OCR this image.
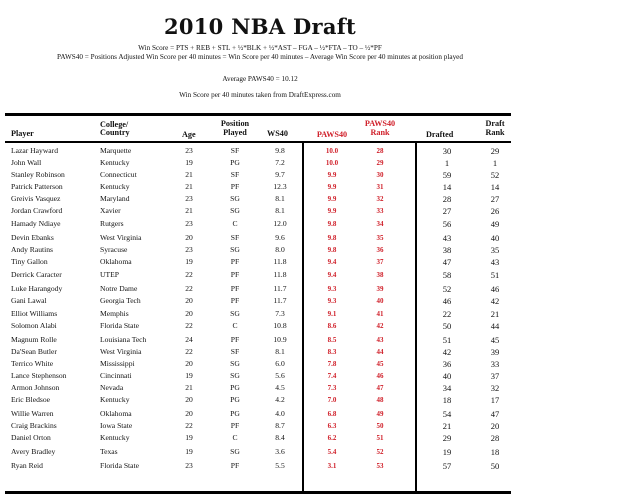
2010 NBA Draft
Win Score = PTS + REB + STL + ½*BLK + ½*AST – FGA – ½*FTA – TO – ½*PF
PAWS40 = Positions Adjusted Win Score per 40 minutes = Win Score per 40 minutes – Average Win Score per 40 minutes at position played
Average PAWS40 = 10.12
Win Score per 40 minutes taken from DraftExpress.com
Player
College/
Country	Age
Position
Played	WS40	PAWS40
PAWS40
Rank	Drafted
Draft
Rank
Lazar Hayward	Marquette	23	SF	9.8	10.0	28	30	29
John Wall	Kentucky	19	PG	7.2	10.0	29	1	1
Stanley Robinson	Connecticut	21	SF	9.7	9.9	30	59	52
Patrick Patterson	Kentucky	21	PF	12.3	9.9	31	14	14
Greivis Vasquez	Maryland	23	SG	8.1	9.9	32	28	27
Jordan Crawford	Xavier	21	SG	8.1	9.9	33	27	26
Hamady Ndiaye	Rutgers	23	C	12.0	9.8	34	56	49
Devin Ebanks	West Virginia	20	SF	9.6	9.8	35	43	40
Andy Rautins	Syracuse	23	SG	8.0	9.8	36	38	35
Tiny Gallon	Oklahoma	19	PF	11.8	9.4	37	47	43
Derrick Caracter	UTEP	22	PF	11.8	9.4	38	58	51
Luke Harangody	Notre Dame	22	PF	11.7	9.3	39	52	46
Gani Lawal	Georgia Tech	20	PF	11.7	9.3	40	46	42
Elliot Williams	Memphis	20	SG	7.3	9.1	41	22	21
Solomon Alabi	Florida State	22	C	10.8	8.6	42	50	44
Magnum Rolle	Louisiana Tech	24	PF	10.9	8.5	43	51	45
Da'Sean Butler	West Virginia	22	SF	8.1	8.3	44	42	39
Terrico White	Mississippi	20	SG	6.0	7.8	45	36	33
Lance Stephenson	Cincinnati	19	SG	5.6	7.4	46	40	37
Armon Johnson	Nevada	21	PG	4.5	7.3	47	34	32
Eric Bledsoe	Kentucky	20	PG	4.2	7.0	48	18	17
Willie Warren	Oklahoma	20	PG	4.0	6.8	49	54	47
Craig Brackins	Iowa State	22	PF	8.7	6.3	50	21	20
Daniel Orton	Kentucky	19	C	8.4	6.2	51	29	28
Avery Bradley	Texas	19	SG	3.6	5.4	52	19	18
Ryan Reid	Florida State	23	PF	5.5	3.1	53	57	50
